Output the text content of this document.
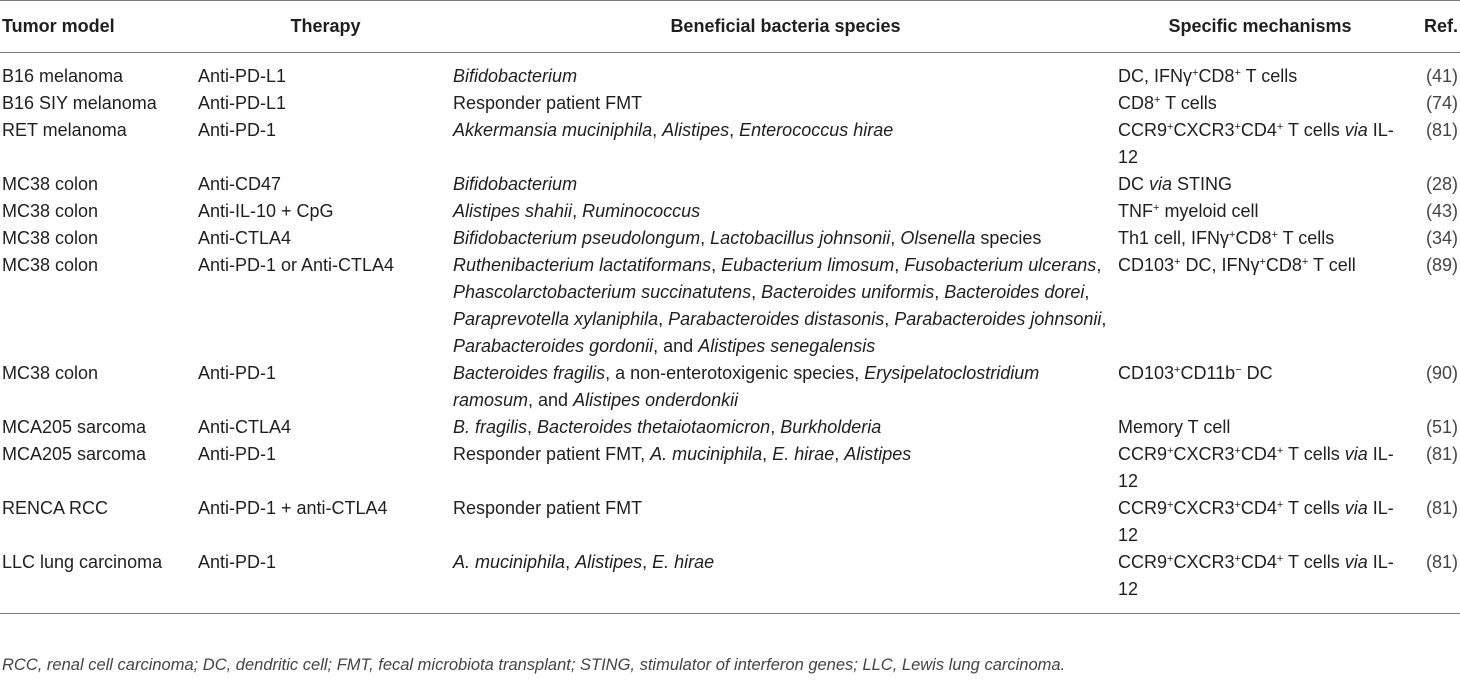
Tumor model	Therapy	Beneficial bacteria species	Specific mechanisms	Ref.
B16 melanoma	Anti-PD-L1	Bifidobacterium	DC, IFNγ+CD8+ T cells	(41)
B16 SIY melanoma	Anti-PD-L1	Responder patient FMT	CD8+ T cells	(74)
RET melanoma	Anti-PD-1	Akkermansia muciniphila, Alistipes, Enterococcus hirae	CCR9+CXCR3+CD4+ T cells via IL-12	(81)
MC38 colon	Anti-CD47	Bifidobacterium	DC via STING	(28)
MC38 colon	Anti-IL-10 + CpG	Alistipes shahii, Ruminococcus	TNF+ myeloid cell	(43)
MC38 colon	Anti-CTLA4	Bifidobacterium pseudolongum, Lactobacillus johnsonii, Olsenella species	Th1 cell, IFNγ+CD8+ T cells	(34)
MC38 colon	Anti-PD-1 or Anti-CTLA4	Ruthenibacterium lactatiformans, Eubacterium limosum, Fusobacterium ulcerans, Phascolarctobacterium succinatutens, Bacteroides uniformis, Bacteroides dorei, Paraprevotella xylaniphila, Parabacteroides distasonis, Parabacteroides johnsonii, Parabacteroides gordonii, and Alistipes senegalensis	CD103+ DC, IFNγ+CD8+ T cell	(89)
MC38 colon	Anti-PD-1	Bacteroides fragilis, a non-enterotoxigenic species, Erysipelatoclostridium ramosum, and Alistipes onderdonkii	CD103+CD11b− DC	(90)
MCA205 sarcoma	Anti-CTLA4	B. fragilis, Bacteroides thetaiotaomicron, Burkholderia	Memory T cell	(51)
MCA205 sarcoma	Anti-PD-1	Responder patient FMT, A. muciniphila, E. hirae, Alistipes	CCR9+CXCR3+CD4+ T cells via IL-12	(81)
RENCA RCC	Anti-PD-1 + anti-CTLA4	Responder patient FMT	CCR9+CXCR3+CD4+ T cells via IL-12	(81)
LLC lung carcinoma	Anti-PD-1	A. muciniphila, Alistipes, E. hirae	CCR9+CXCR3+CD4+ T cells via IL-12	(81)
RCC, renal cell carcinoma; DC, dendritic cell; FMT, fecal microbiota transplant; STING, stimulator of interferon genes; LLC, Lewis lung carcinoma.
